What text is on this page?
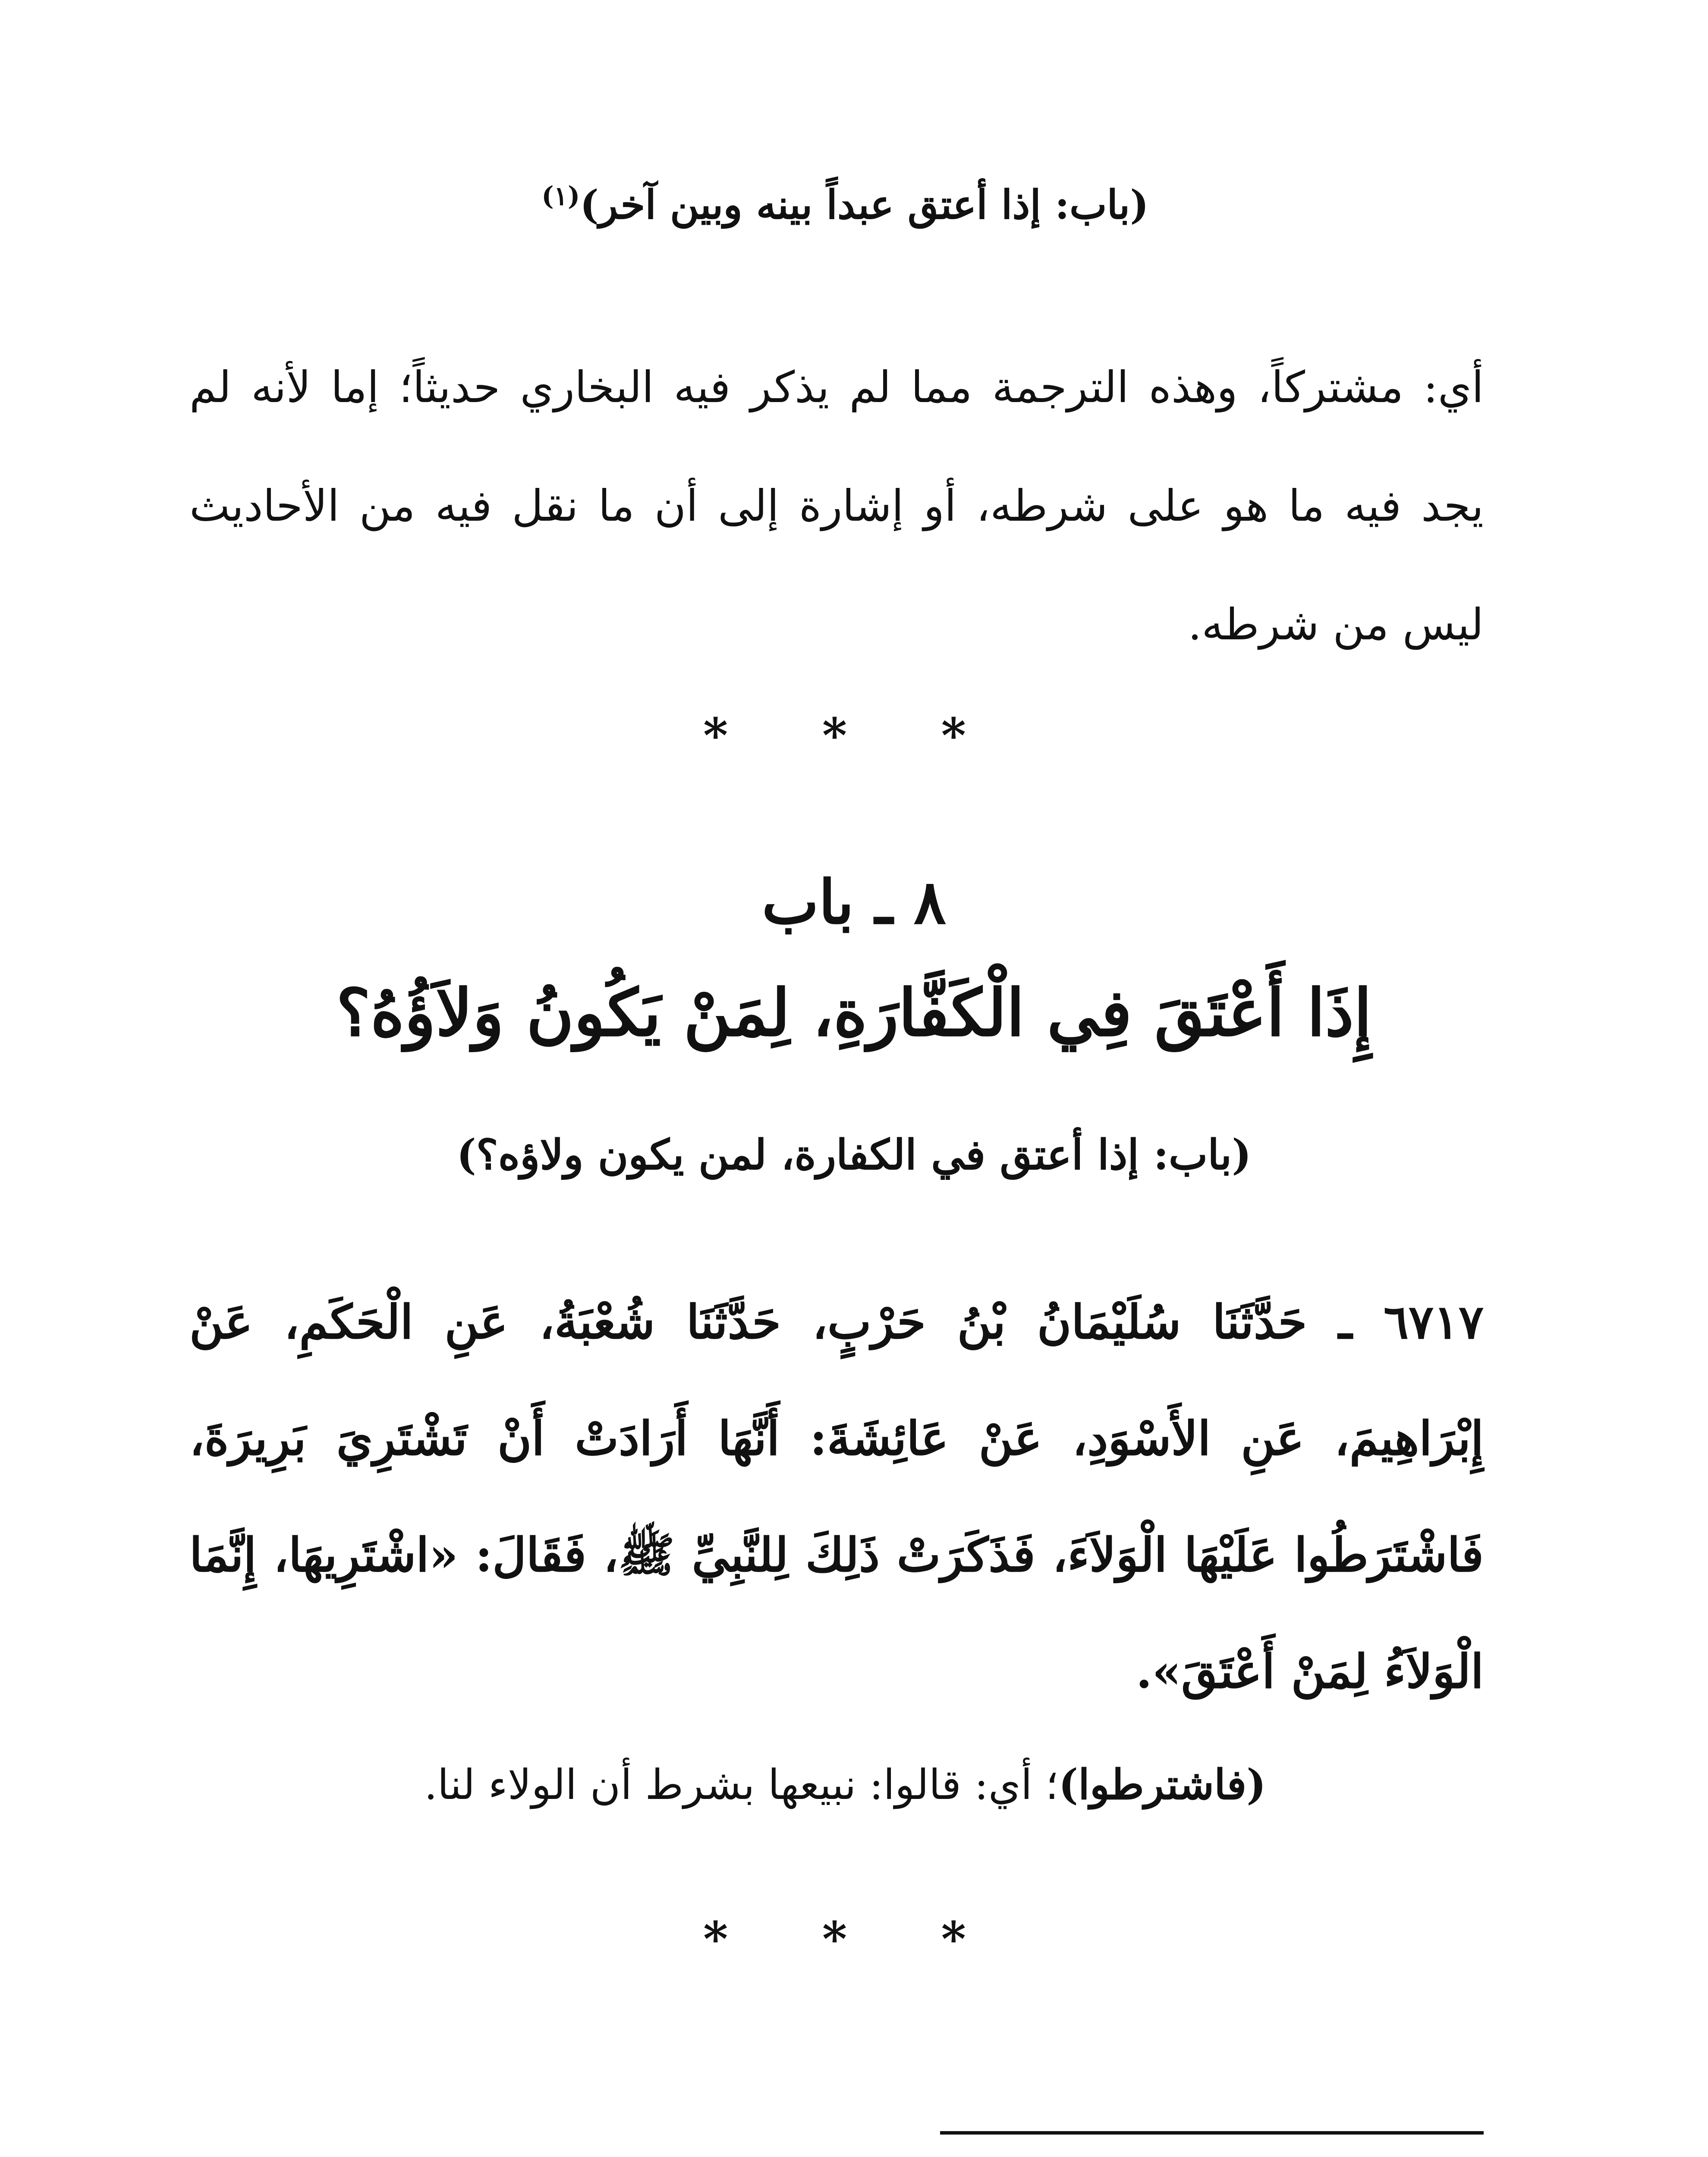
(باب: إذا أعتق عبداً بينه وبين آخر)$^{(١)}$
أي: مشتركاً، وهذه الترجمة مما لم يذكر فيه البخاري حديثاً؛ إما لأنه لم يجد فيه ما هو على شرطه، أو إشارة إلى أن ما نقل فيه من الأحاديث ليس من شرطه.
* * *
٨ ـ باب
إِذَا أَعْتَقَ فِي الْكَفَّارَةِ، لِمَنْ يَكُونُ وَلاَؤُهُ؟
(باب: إذا أعتق في الكفارة، لمن يكون ولاؤه؟)
٦٧١٧ ـ حَدَّثَنَا سُلَيْمَانُ بْنُ حَرْبٍ، حَدَّثَنَا شُعْبَةُ، عَنِ الْحَكَمِ، عَنْ إِبْرَاهِيمَ، عَنِ الأَسْوَدِ، عَنْ عَائِشَةَ: أَنَّهَا أَرَادَتْ أَنْ تَشْتَرِيَ بَرِيرَةَ، فَاشْتَرَطُوا عَلَيْهَا الْوَلاَءَ، فَذَكَرَتْ ذَلِكَ لِلنَّبِيِّ ﷺ، فَقَالَ: «اشْتَرِيهَا، إِنَّمَا الْوَلاَءُ لِمَنْ أَعْتَقَ».
(فاشترطوا)؛ أي: قالوا: نبيعها بشرط أن الولاء لنا.
* * *
